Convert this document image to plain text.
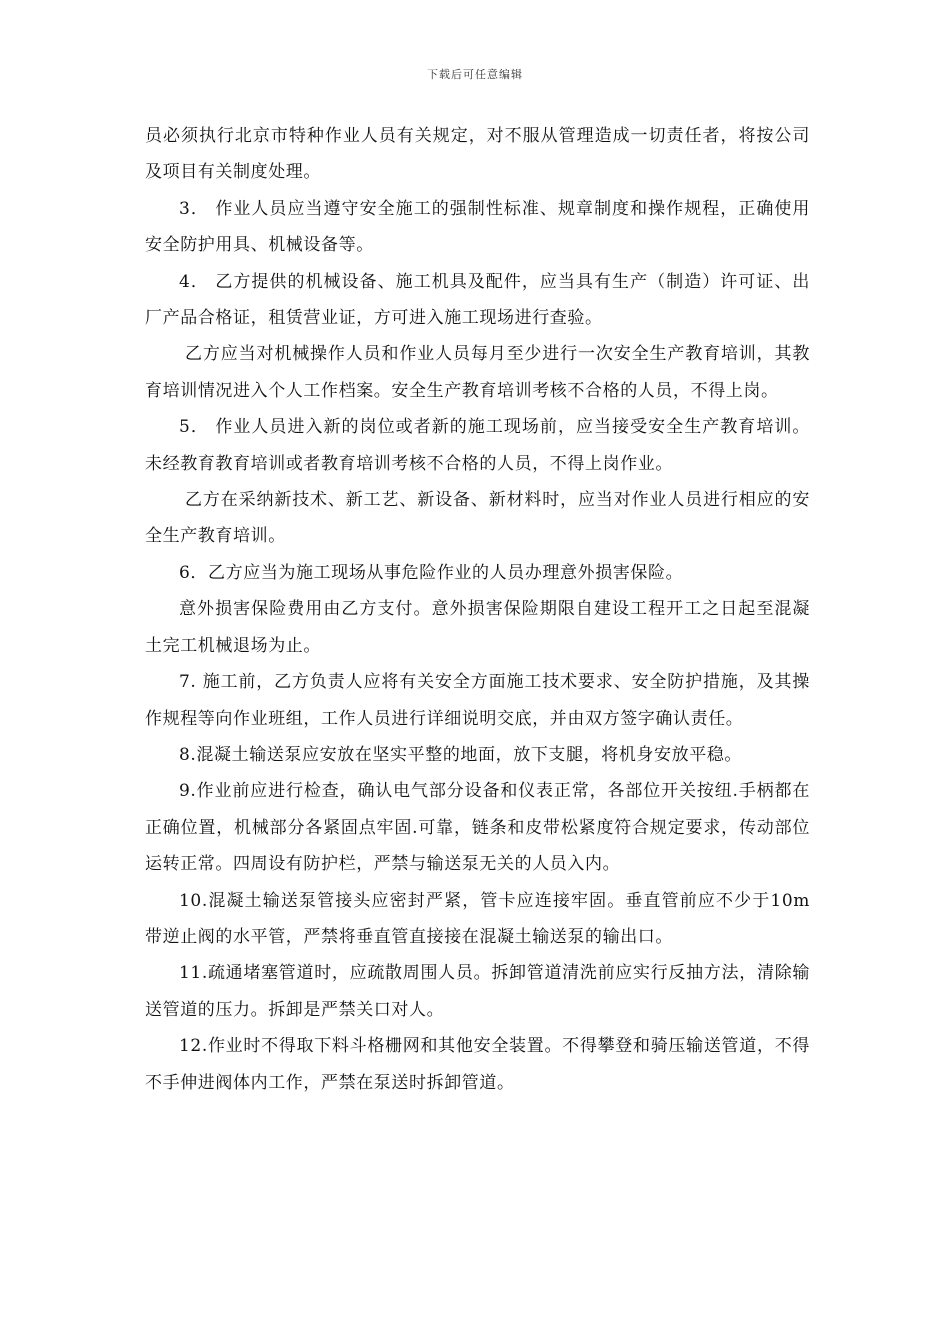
下载后可任意编辑

员必须执行北京市特种作业人员有关规定，对不服从管理造成一切责任者，将按公司及项目有关制度处理。

3． 作业人员应当遵守安全施工的强制性标准、规章制度和操作规程，正确使用安全防护用具、机械设备等。

4． 乙方提供的机械设备、施工机具及配件，应当具有生产（制造）许可证、出厂产品合格证，租赁营业证，方可进入施工现场进行查验。

乙方应当对机械操作人员和作业人员每月至少进行一次安全生产教育培训，其教育培训情况进入个人工作档案。安全生产教育培训考核不合格的人员，不得上岗。

5． 作业人员进入新的岗位或者新的施工现场前，应当接受安全生产教育培训。未经教育教育培训或者教育培训考核不合格的人员，不得上岗作业。

乙方在采纳新技术、新工艺、新设备、新材料时，应当对作业人员进行相应的安全生产教育培训。

6．乙方应当为施工现场从事危险作业的人员办理意外损害保险。

意外损害保险费用由乙方支付。意外损害保险期限自建设工程开工之日起至混凝土完工机械退场为止。

7. 施工前，乙方负责人应将有关安全方面施工技术要求、安全防护措施，及其操作规程等向作业班组，工作人员进行详细说明交底，并由双方签字确认责任。

8.混凝土输送泵应安放在坚实平整的地面，放下支腿，将机身安放平稳。

9.作业前应进行检查，确认电气部分设备和仪表正常，各部位开关按纽.手柄都在正确位置，机械部分各紧固点牢固.可靠，链条和皮带松紧度符合规定要求，传动部位运转正常。四周设有防护栏，严禁与输送泵无关的人员入内。

10.混凝土输送泵管接头应密封严紧，管卡应连接牢固。垂直管前应不少于10m带逆止阀的水平管，严禁将垂直管直接接在混凝土输送泵的输出口。

11.疏通堵塞管道时，应疏散周围人员。拆卸管道清洗前应实行反抽方法，清除输送管道的压力。拆卸是严禁关口对人。

12.作业时不得取下料斗格栅网和其他安全装置。不得攀登和骑压输送管道，不得不手伸进阀体内工作，严禁在泵送时拆卸管道。
